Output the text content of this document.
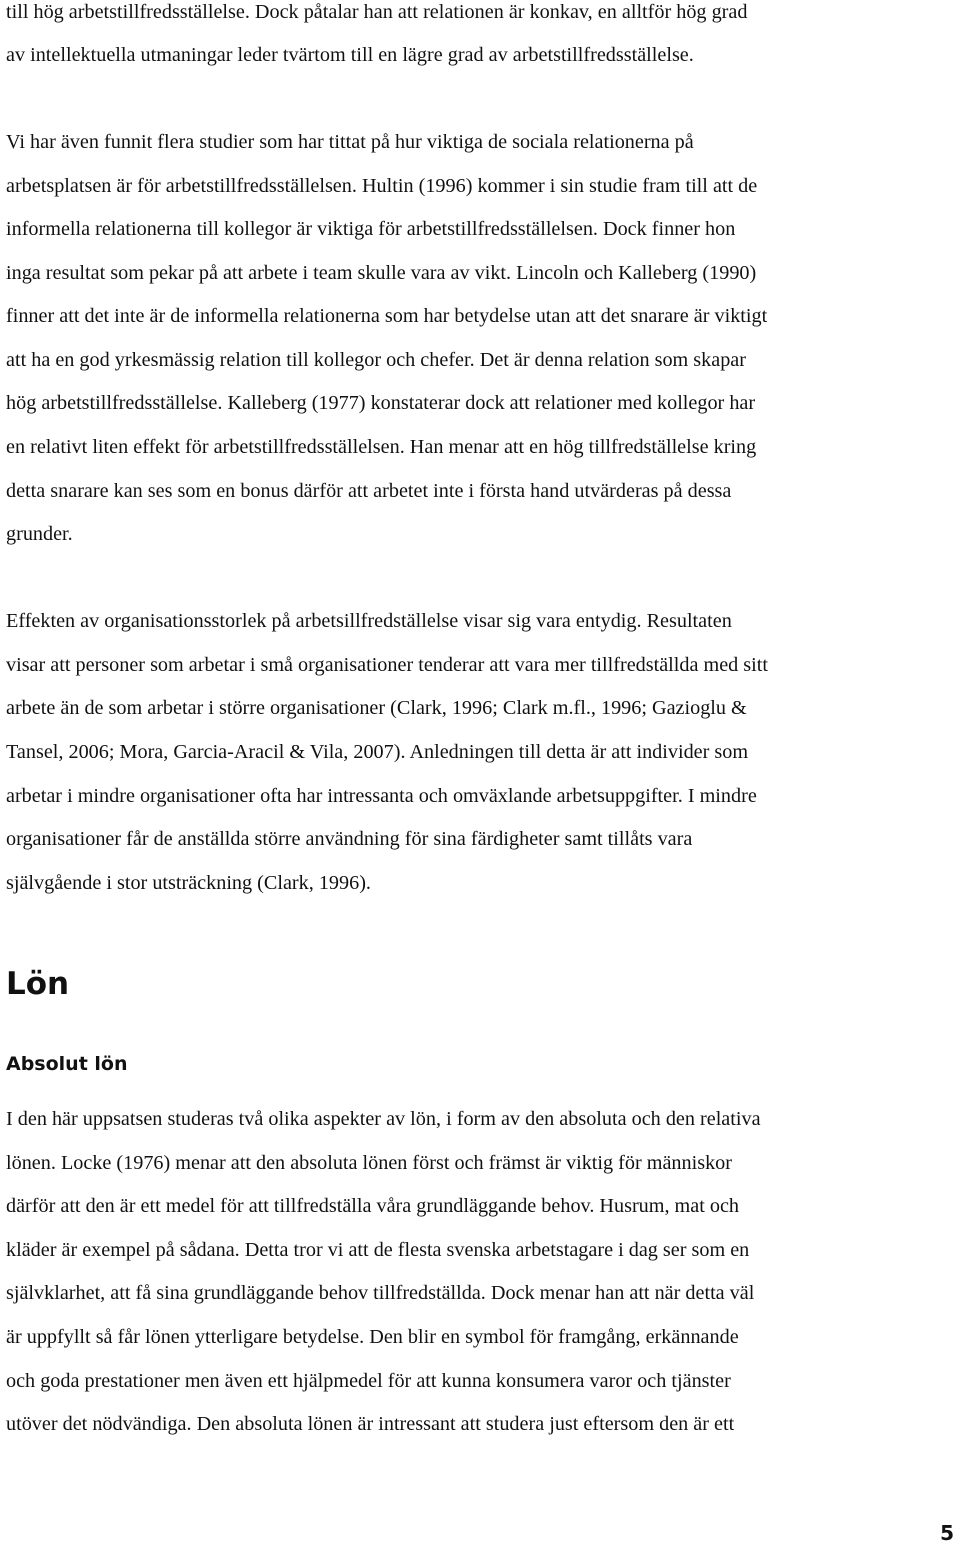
till hög arbetstillfredsställelse. Dock påtalar han att relationen är konkav, en alltför hög grad

av intellektuella utmaningar leder tvärtom till en lägre grad av arbetstillfredsställelse.

Vi har även funnit flera studier som har tittat på hur viktiga de sociala relationerna på

arbetsplatsen är för arbetstillfredsställelsen. Hultin (1996) kommer i sin studie fram till att de

informella relationerna till kollegor är viktiga för arbetstillfredsställelsen. Dock finner hon

inga resultat som pekar på att arbete i team skulle vara av vikt. Lincoln och Kalleberg (1990)

finner att det inte är de informella relationerna som har betydelse utan att det snarare är viktigt

att ha en god yrkesmässig relation till kollegor och chefer. Det är denna relation som skapar

hög arbetstillfredsställelse. Kalleberg (1977) konstaterar dock att relationer med kollegor har

en relativt liten effekt för arbetstillfredsställelsen. Han menar att en hög tillfredställelse kring

detta snarare kan ses som en bonus därför att arbetet inte i första hand utvärderas på dessa

grunder.

Effekten av organisationsstorlek på arbetsillfredställelse visar sig vara entydig. Resultaten

visar att personer som arbetar i små organisationer tenderar att vara mer tillfredställda med sitt

arbete än de som arbetar i större organisationer (Clark, 1996; Clark m.fl., 1996; Gazioglu &

Tansel, 2006; Mora, Garcia-Aracil & Vila, 2007). Anledningen till detta är att individer som

arbetar i mindre organisationer ofta har intressanta och omväxlande arbetsuppgifter. I mindre

organisationer får de anställda större användning för sina färdigheter samt tillåts vara

självgående i stor utsträckning (Clark, 1996).

Lön
Absolut lön

I den här uppsatsen studeras två olika aspekter av lön, i form av den absoluta och den relativa

lönen. Locke (1976) menar att den absoluta lönen först och främst är viktig för människor

därför att den är ett medel för att tillfredställa våra grundläggande behov. Husrum, mat och

kläder är exempel på sådana. Detta tror vi att de flesta svenska arbetstagare i dag ser som en

självklarhet, att få sina grundläggande behov tillfredställda. Dock menar han att när detta väl

är uppfyllt så får lönen ytterligare betydelse. Den blir en symbol för framgång, erkännande

och goda prestationer men även ett hjälpmedel för att kunna konsumera varor och tjänster

utöver det nödvändiga. Den absoluta lönen är intressant att studera just eftersom den är ett

5
